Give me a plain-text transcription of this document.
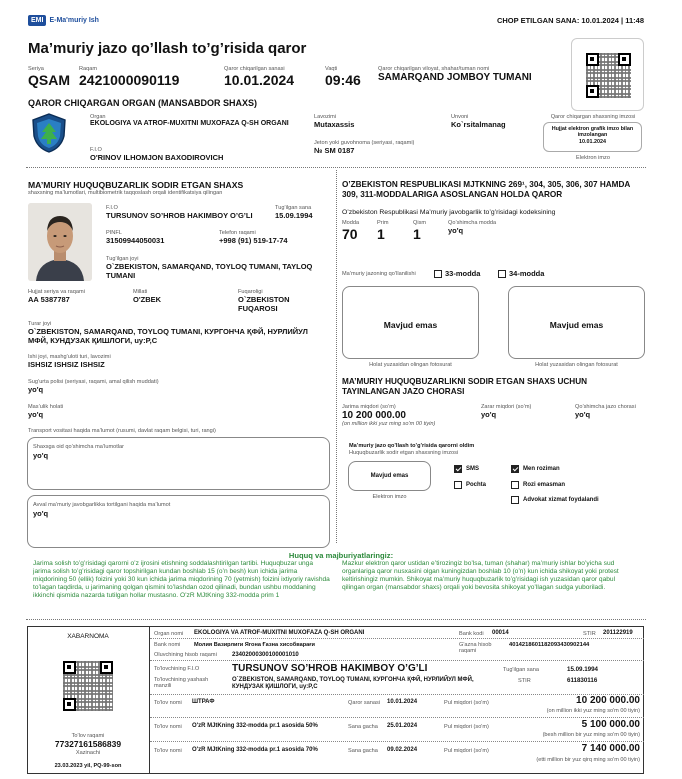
EMI E-Ma'muriy Ish	CHOP ETILGAN SANA: 10.01.2024 | 11:48
Ma’muriy jazo qo’llash to’g’risida qaror
Seriya
QSAM
Raqam
2421000090119
Qaror chiqarilgan sanasi
10.01.2024
Vaqti
09:46
Qaror chiqarilgan viloyat, shahar/tuman nomi
SAMARQAND JOMBOY TUMANI
QAROR CHIQARGAN ORGAN (MANSABDOR SHAXS)
Organ
EKOLOGIYA VA ATROF-MUXITNI MUXOFAZA Q-SH ORGANI
Lavozimi
Mutaxassis
Unvoni
Ko`rsitalmanag
F.I.O
O'RINOV ILHOMJON BAXODIROVICH
Jeton yoki guvohnoma (seriyasi, raqami)
№ SM 0187
Qaror chiqargan shaxsning imzosi
Hujjat elektron grafik imzo bilan imzolangan
10.01.2024
Elektron imzo
MA’MURIY HUQUQBUZARLIK SODIR ETGAN SHAXS
shaxsning ma’lumotlari, multibiometrik taqqoslash orqali identifikatsiya qilingan
F.I.O
TURSUNOV SO’HROB HAKIMBOY O’G’LI
Tug’ilgan sana
15.09.1994
PINFL
31509944050031
Telefon raqami
+998 (91) 519-17-74
Tug’ilgan joyi
O`ZBEKISTON, SAMARQAND, TOYLOQ TUMANI, TAYLOQ TUMANI
Hujjat seriya va raqami
AA 5387787
Millati
O'ZBEK
Fuqaroligi
O`ZBEKISTON FUQAROSI
Turar joyi
O`ZBEKISTON, SAMARQAND, TOYLOQ TUMANI, КУРГОНЧА ҚФЙ, НУРЛИЙУЛ МФЙ, КУНДУЗАК ҚИШЛОГИ, uy:P,C
Ishi joyi, mashg’uloti turi, lavozimi
ISHSIZ ISHSIZ ISHSIZ
Sug’urta polisi (seriyasi, raqami, amal qilish muddati)
yo'q
Mas’ulik holati
yo'q
Transport vositasi haqida ma’lumot (rusumi, davlat raqam belgisi, turi, rangi)
Shaxsga oid qo’shimcha ma’lumotlar
yo'q
Avval ma’muriy javobgarlikka tortilgani haqida ma’lumot
yo'q
O’ZBEKISTON RESPUBLIKASI MJTKNING 269¹, 304, 305, 306, 307 HAMDA 309, 311-MODDALARIGA ASOSLANGAN HOLDA QAROR
O’zbekiston Respublikasi Ma’muriy javobgarlik to’g’risidagi kodeksining
Modda
70
Prim
1
Qism
1
Qo’shimcha modda
yo'q
Ma’muriy jazoning qo’llanilishi	33-modda	34-modda
Mavjud emas
Holat yuzasidan olingan fotosurat
Mavjud emas
Holat yuzasidan olingan fotosurat
MA’MURIY HUQUQBUZARLIKNI SODIR ETGAN SHAXS UCHUN TAYINLANGAN JAZO CHORASI
Jarima miqdori (so’m)
10 200 000.00
(on million ikki yuz ming so'm 00 tiyin)
Zarar miqdori (so’m)
yo'q
Qo’shimcha jazo chorasi
yo'q
Ma’muriy jazo qo’llash to’g’risida qarorni oldim
Huquqbuzarlik sodir etgan shaxsning imzosi
Mavjud emas
Elektron imzo
SMS
Pochta
Men roziman
Rozi emasman
Advokat xizmat foydalandi
Huquq va majburiyatlaringiz:
Jarima solish to’g’risidagi qarorni o’z ijrosini etishning soddalashtirilgan tartibi. Huquqbuzar unga jarima solish to’g’risidagi qaror topshirilgan kundan boshlab 15 (o’n besh) kun ichida jarima miqdorining 50 (ellik) foizini yoki 30 kun ichida jarima miqdorining 70 (yetmish) foizini ixtiyoriy ravishda to’lagan taqdirda, u jarimaning qolgan qismini to’lashdan ozod qilinadi, bundan ushbu moddaning ikkinchi qismida nazarda tutilgan hollar mustasno. O’zR MJtKning 332-modda prim 1
Mazkur elektron qaror ustidan e’tirozingiz bo’lsa, tuman (shahar) ma’muriy ishlar bo’yicha sud organlariga qaror nusxasini olgan kuningizdan boshlab 10 (o’n) kun ichida shikoyat yoki protest keltirishingiz mumkin. Shikoyat ma’muriy huquqbuzarlik to’g’risidagi ish yuzasidan qaror qabul qilingan organ (mansabdor shaxs) orqali yoki bevosita shikoyat yo’llagan sudga yuboriladi.
XABARNOMA
To'lov raqami
77327161586839
Xazinachi
23.03.2023 yil, PQ-99-son
Organ nomi EKOLOGIYA VA ATROF-MUXITNI MUXOFAZA Q-SH ORGANI	Bank kodi 00014	STIR 201122919
Bank nomi Молия Вазирлиги Ягона Ғазна хисобварағи	G'azna hisob raqami
4014218601182093430902144
Oluvchining hisob raqami	23402000300100001010
To'lovchining F.I.O	TURSUNOV SO’HROB HAKIMBOY O’G’LI	Tug'ilgan sana	15.09.1994
To'lovchining yashash manzili
O`ZBEKISTON, SAMARQAND, TOYLOQ TUMANI, КУРГОНЧА ҚФЙ, НУРЛИЙУЛ МФЙ, КУНДУЗАК ҚИШЛОГИ, uy:P,C
STIR	611830116
To'lov nomi ШТРАФ	Qaror sanasi 10.01.2024	Pul miqdori (so'm)	10 200 000.00
(on million ikki yuz ming so'm 00 tiyin)
To'lov nomi O'zR MJtKning 332-modda pr.1 asosida 50%	Sana gacha 25.01.2024	Pul miqdori (so'm)	5 100 000.00
(besh million bir yuz ming so'm 00 tiyin)
To'lov nomi O'zR MJtKning 332-modda pr.1 asosida 70%	Sana gacha 09.02.2024	Pul miqdori (so'm)	7 140 000.00
(etti million bir yuz qirq ming so'm 00 tiyin)
